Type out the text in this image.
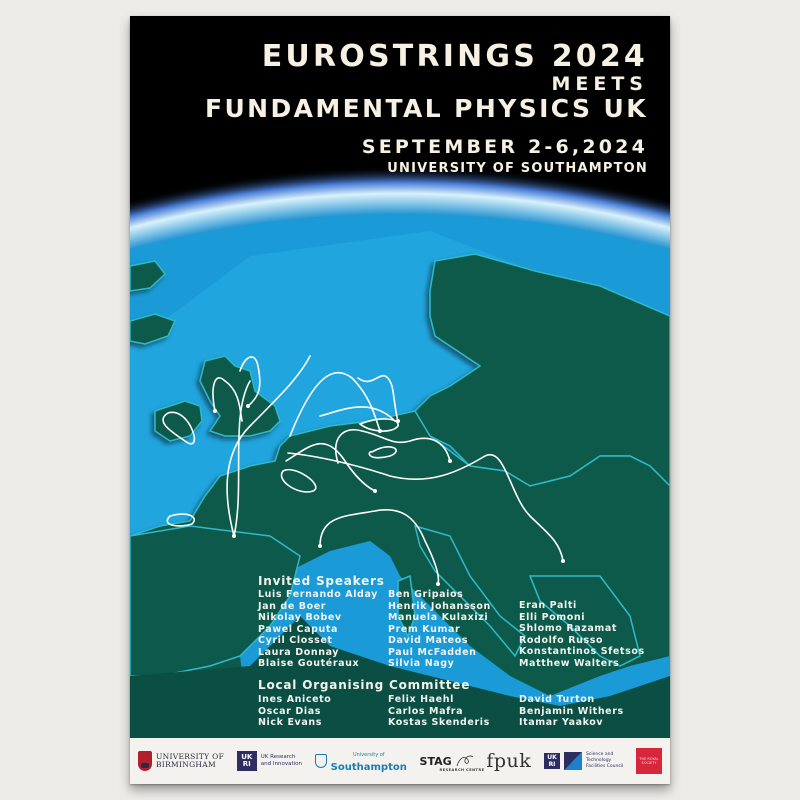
EUROSTRINGS 2024
MEETS
FUNDAMENTAL PHYSICS UK
SEPTEMBER 2-6,2024
UNIVERSITY OF SOUTHAMPTON
Invited Speakers
Luis Fernando Alday
Jan de Boer
Nikolay Bobev
Pawel Caputa
Cyril Closset
Laura Donnay
Blaise Goutéraux
Ben Gripaios
Henrik Johansson
Manuela Kulaxizi
Prem Kumar
David Mateos
Paul McFadden
Silvia Nagy
Eran Palti
Elli Pomoni
Shlomo Razamat
Rodolfo Russo
Konstantinos Sfetsos
Matthew Walters
Local Organising Committee
Ines Aniceto
Oscar Dias
Nick Evans
Felix Haehl
Carlos Mafra
Kostas Skenderis
David Turton
Benjamin Withers
Itamar Yaakov
UNIVERSITY OF
BIRMINGHAM
UK RI
UK Research
and Innovation
University of
Southampton STAG
RESEARCH CENTRE fpuk	UK RI
Science and
Technology
Facilities Council
THE ROYAL SOCIETY
